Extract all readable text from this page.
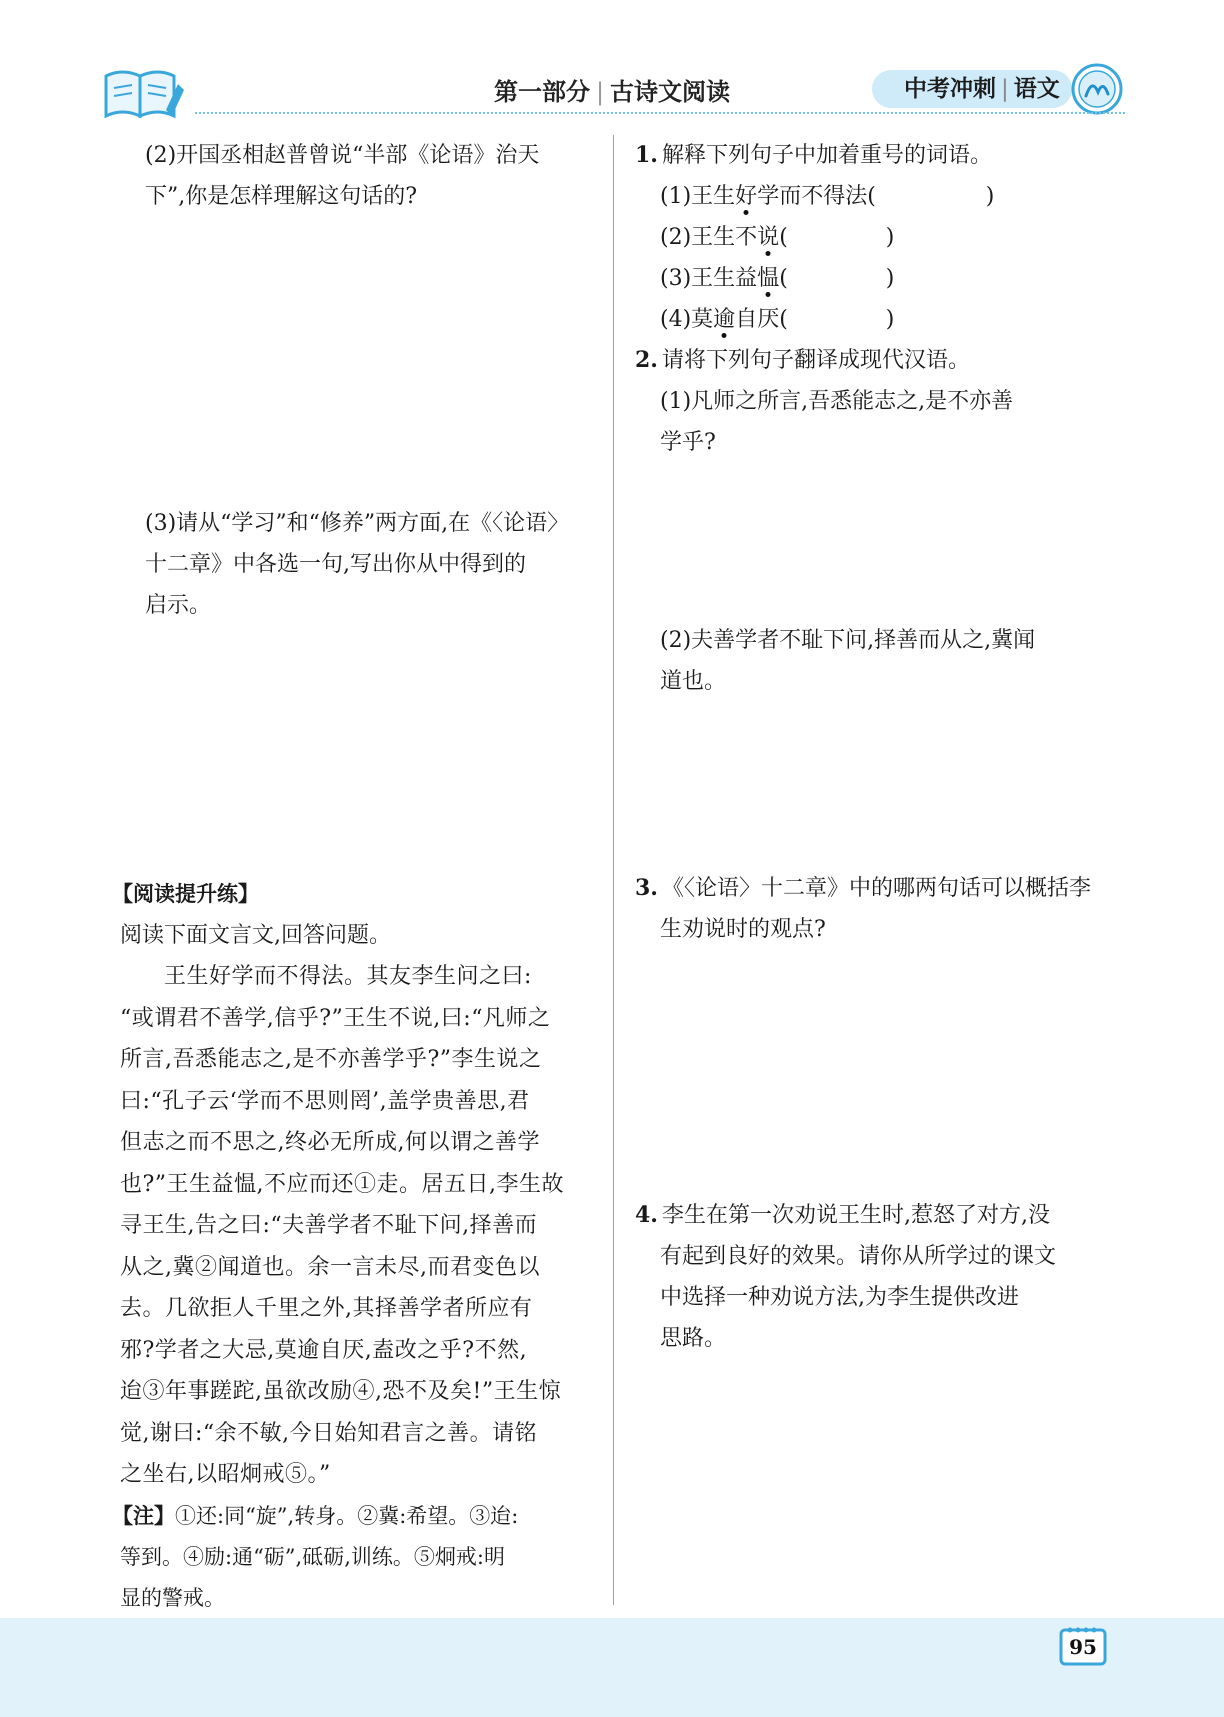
第一部分 | 古诗文阅读	中考冲刺 | 语文
(2)开国丞相赵普曾说“半部《论语》治天
下”,你是怎样理解这句话的?
(3)请从“学习”和“修养”两方面,在《〈论语〉
十二章》中各选一句,写出你从中得到的
启示。
【阅读提升练】
阅读下面文言文,回答问题。
王生好学而不得法。其友李生问之曰:
“或谓君不善学,信乎?”王生不说,曰:“凡师之
所言,吾悉能志之,是不亦善学乎?”李生说之
曰:“孔子云‘学而不思则罔’,盖学贵善思,君
但志之而不思之,终必无所成,何以谓之善学
也?”王生益愠,不应而还①走。居五日,李生故
寻王生,告之曰:“夫善学者不耻下问,择善而
从之,冀②闻道也。余一言未尽,而君变色以
去。几欲拒人千里之外,其择善学者所应有
邪?学者之大忌,莫逾自厌,盍改之乎?不然,
迨③年事蹉跎,虽欲改励④,恐不及矣!”王生惊
觉,谢曰:“余不敏,今日始知君言之善。请铭
之坐右,以昭炯戒⑤。”
【注】①还:同“旋”,转身。②冀:希望。③迨:
等到。④励:通“砺”,砥砺,训练。⑤炯戒:明
显的警戒。
1. 解释下列句子中加着重号的词语。
(1)王生好学而不得法(	)
(2)王生不说(	)
(3)王生益愠(	)
(4)莫逾自厌(	)
2. 请将下列句子翻译成现代汉语。
(1)凡师之所言,吾悉能志之,是不亦善
学乎?
(2)夫善学者不耻下问,择善而从之,冀闻
道也。
3. 《〈论语〉十二章》中的哪两句话可以概括李
生劝说时的观点?
4. 李生在第一次劝说王生时,惹怒了对方,没
有起到良好的效果。请你从所学过的课文
中选择一种劝说方法,为李生提供改进
思路。
95
